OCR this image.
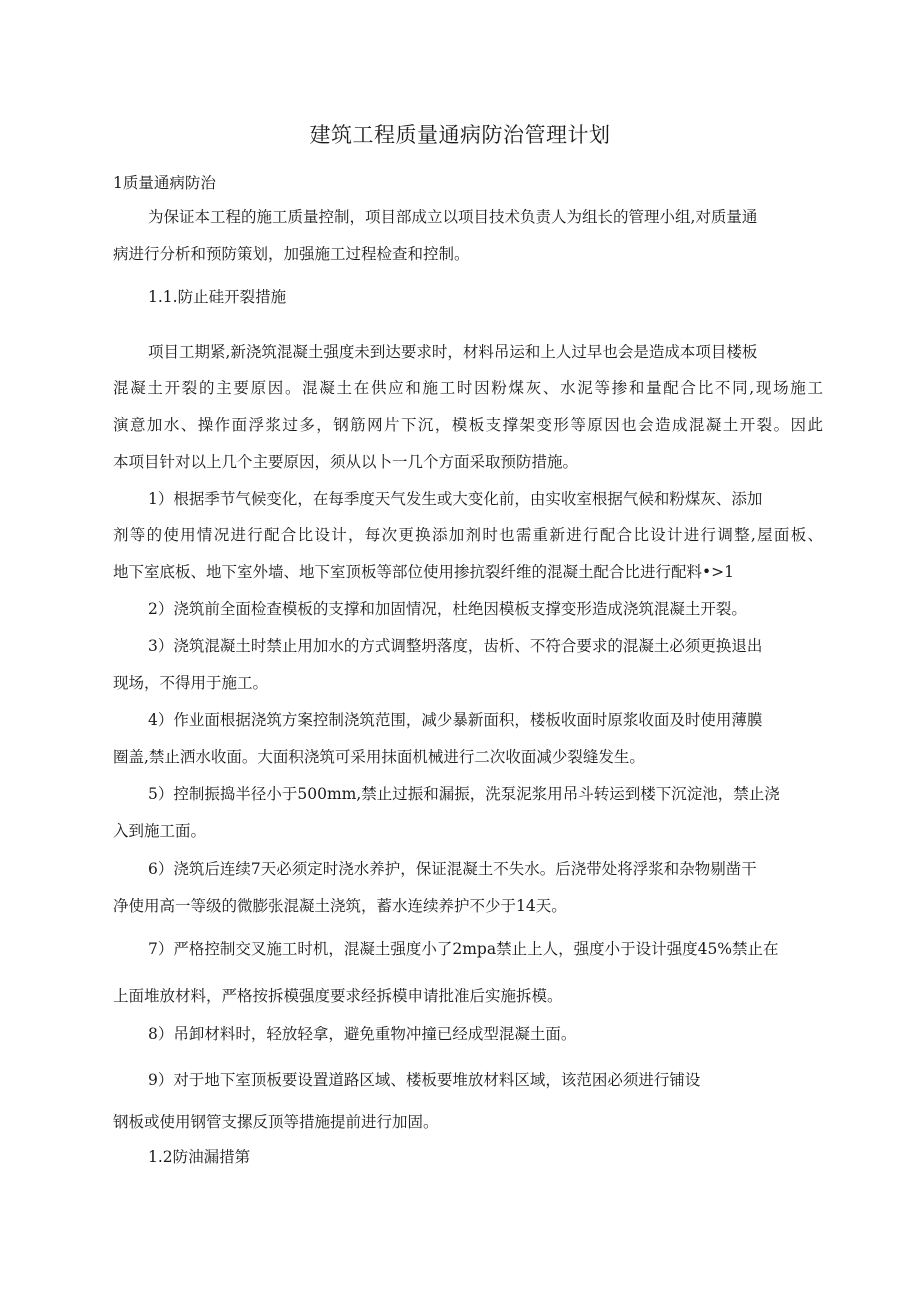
建筑工程质量通病防治管理计划
1质量通病防治
为保证本工程的施工质量控制，项目部成立以项目技术负责人为组长的管理小组,对质量通
病进行分析和预防策划，加强施工过程检查和控制。
1.1.防止硅开裂措施
项目工期紧,新浇筑混凝土强度未到达要求时，材料吊运和上人过早也会是造成本项目楼板
混凝土开裂的主要原因。混凝土在供应和施工时因粉煤灰、水泥等掺和量配合比不同,现场施工
演意加水、操作面浮浆过多，钢筋网片下沉，模板支撑架变形等原因也会造成混凝土开裂。因此
本项目针对以上几个主要原因，须从以卜一几个方面采取预防措施。
1）根据季节气候变化，在每季度天气发生或大变化前，由实收室根据气候和粉煤灰、添加
剂等的使用情况进行配合比设计，每次更换添加剂时也需重新进行配合比设计进行调整,屋面板、
地下室底板、地下室外墙、地下室顶板等部位使用掺抗裂纤维的混凝土配合比进行配料•>1
2）浇筑前全面检查模板的支撑和加固情况，杜绝因模板支撑变形造成浇筑混凝土开裂。
3）浇筑混凝土时禁止用加水的方式调整坍落度，齿析、不符合要求的混凝土必须更换退出
现场，不得用于施工。
4）作业面根据浇筑方案控制浇筑范围，减少暴新面积，楼板收面时原浆收面及时使用薄膜
圈盖,禁止洒水收面。大面积浇筑可采用抹面机械进行二次收面减少裂缝发生。
5）控制振捣半径小于500mm,禁止过振和漏振，洗泵泥浆用吊斗转运到楼下沉淀池，禁止浇
入到施工面。
6）浇筑后连续7天必须定时浇水养护，保证混凝土不失水。后浇带处将浮浆和杂物剔凿干
净使用高一等级的微膨张混凝土浇筑，蓄水连续养护不少于14天。
7）严格控制交叉施工时机，混凝土强度小了2mpa禁止上人，强度小于设计强度45%禁止在
上面堆放材料，严格按拆模强度要求经拆模申请批准后实施拆模。
8）吊卸材料时，轻放轻拿，避免重物冲撞已经成型混凝土面。
9）对于地下室顶板要设置道路区域、楼板要堆放材料区域，该范困必须进行铺设
钢板或使用钢管支摞反顶等措施提前进行加固。
1.2防油漏措第
